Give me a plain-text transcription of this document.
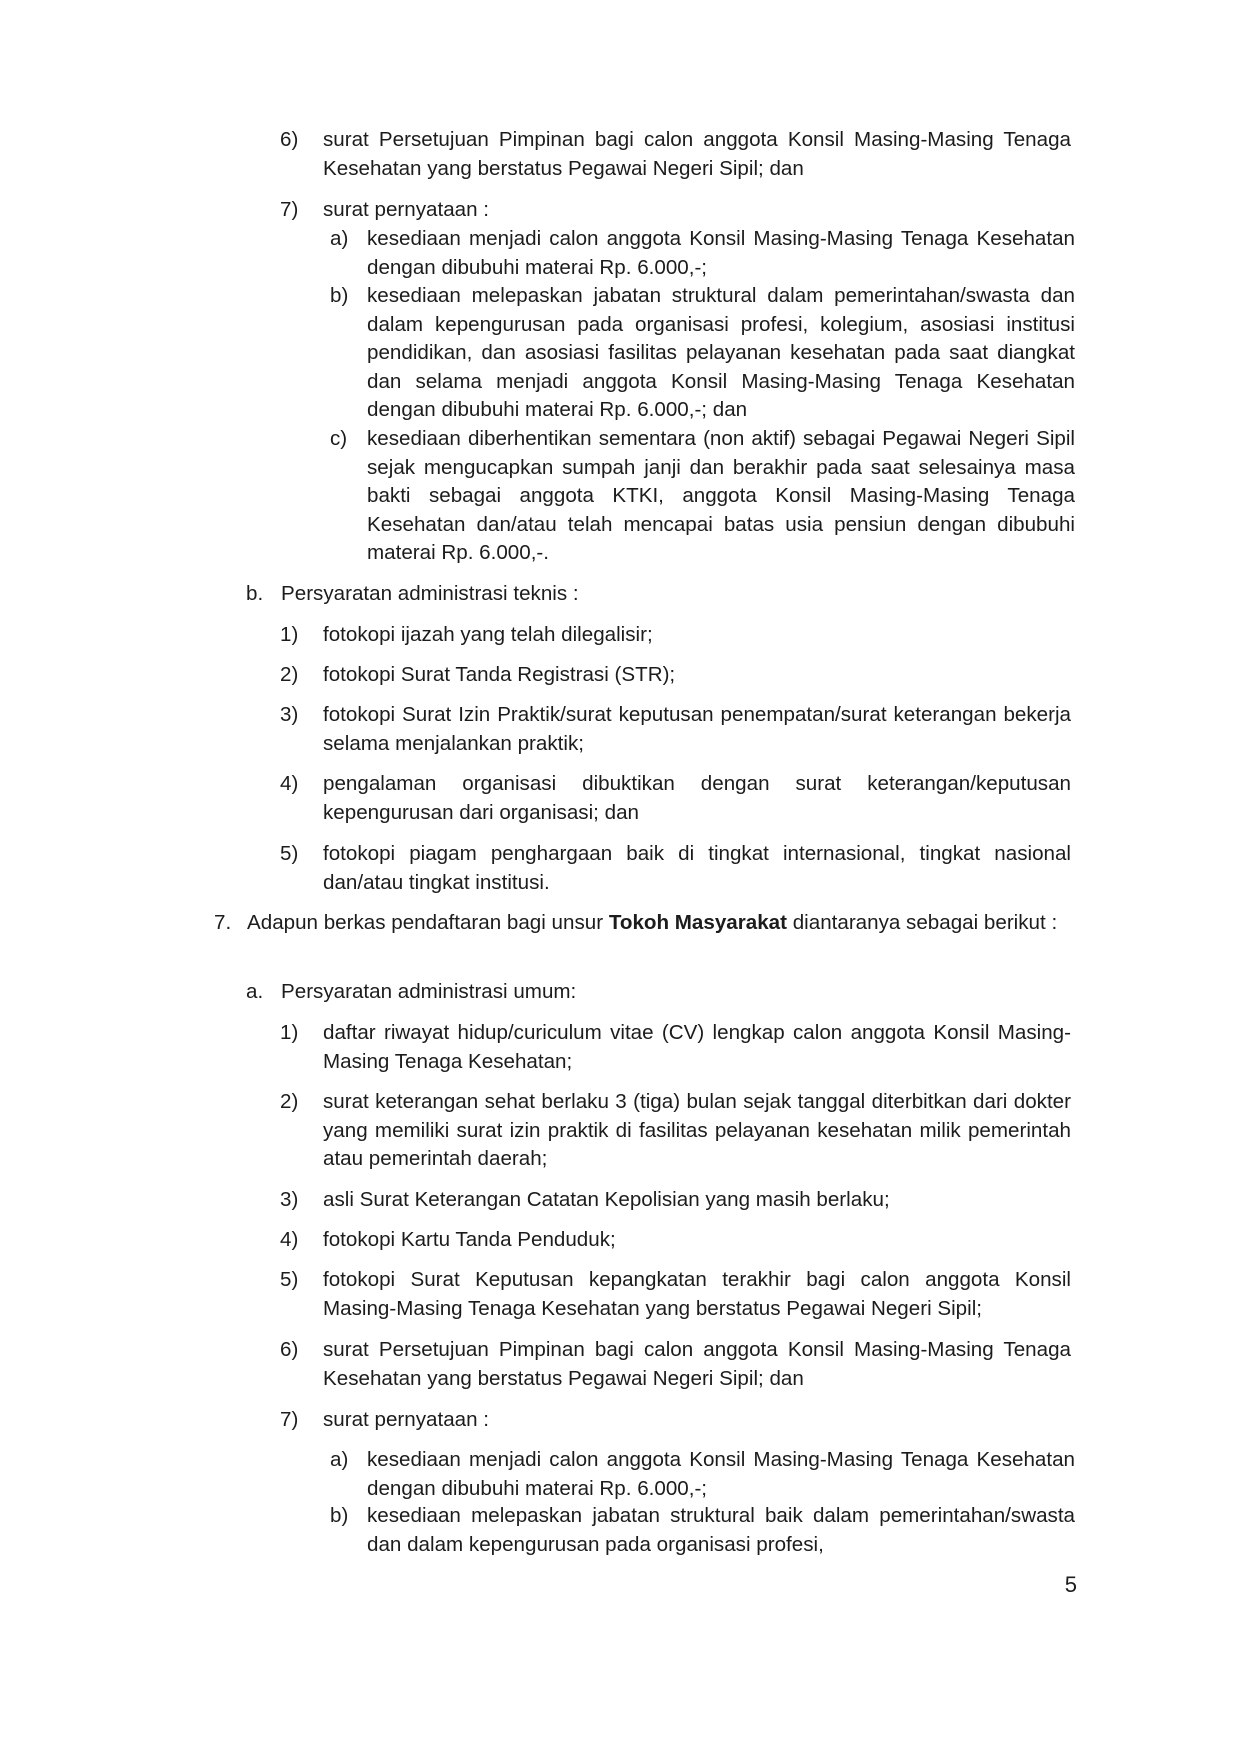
6) surat Persetujuan Pimpinan bagi calon anggota Konsil Masing-Masing Tenaga Kesehatan yang berstatus Pegawai Negeri Sipil; dan
7) surat pernyataan :
a) kesediaan menjadi calon anggota Konsil Masing-Masing Tenaga Kesehatan dengan dibubuhi materai Rp. 6.000,-;
b) kesediaan melepaskan jabatan struktural dalam pemerintahan/swasta dan dalam kepengurusan pada organisasi profesi, kolegium, asosiasi institusi pendidikan, dan asosiasi fasilitas pelayanan kesehatan pada saat diangkat dan selama menjadi anggota Konsil Masing-Masing Tenaga Kesehatan dengan dibubuhi materai Rp. 6.000,-; dan
c) kesediaan diberhentikan sementara (non aktif) sebagai Pegawai Negeri Sipil sejak mengucapkan sumpah janji dan berakhir pada saat selesainya masa bakti sebagai anggota KTKI, anggota Konsil Masing-Masing Tenaga Kesehatan dan/atau telah mencapai batas usia pensiun dengan dibubuhi materai Rp. 6.000,-.
b. Persyaratan administrasi teknis :
1) fotokopi ijazah yang telah dilegalisir;
2) fotokopi Surat Tanda Registrasi (STR);
3) fotokopi Surat Izin Praktik/surat keputusan penempatan/surat keterangan bekerja selama menjalankan praktik;
4) pengalaman organisasi dibuktikan dengan surat keterangan/keputusan kepengurusan dari organisasi; dan
5) fotokopi piagam penghargaan baik di tingkat internasional, tingkat nasional dan/atau tingkat institusi.
7. Adapun berkas pendaftaran bagi unsur Tokoh Masyarakat diantaranya sebagai berikut :
a. Persyaratan administrasi umum:
1) daftar riwayat hidup/curiculum vitae (CV) lengkap calon anggota Konsil Masing-Masing Tenaga Kesehatan;
2) surat keterangan sehat berlaku 3 (tiga) bulan sejak tanggal diterbitkan dari dokter yang memiliki surat izin praktik di fasilitas pelayanan kesehatan milik pemerintah atau pemerintah daerah;
3) asli Surat Keterangan Catatan Kepolisian yang masih berlaku;
4) fotokopi Kartu Tanda Penduduk;
5) fotokopi Surat Keputusan kepangkatan terakhir bagi calon anggota Konsil Masing-Masing Tenaga Kesehatan yang berstatus Pegawai Negeri Sipil;
6) surat Persetujuan Pimpinan bagi calon anggota Konsil Masing-Masing Tenaga Kesehatan yang berstatus Pegawai Negeri Sipil; dan
7) surat pernyataan :
a) kesediaan menjadi calon anggota Konsil Masing-Masing Tenaga Kesehatan dengan dibubuhi materai Rp. 6.000,-;
b) kesediaan melepaskan jabatan struktural baik dalam pemerintahan/swasta dan dalam kepengurusan pada organisasi profesi,
5
